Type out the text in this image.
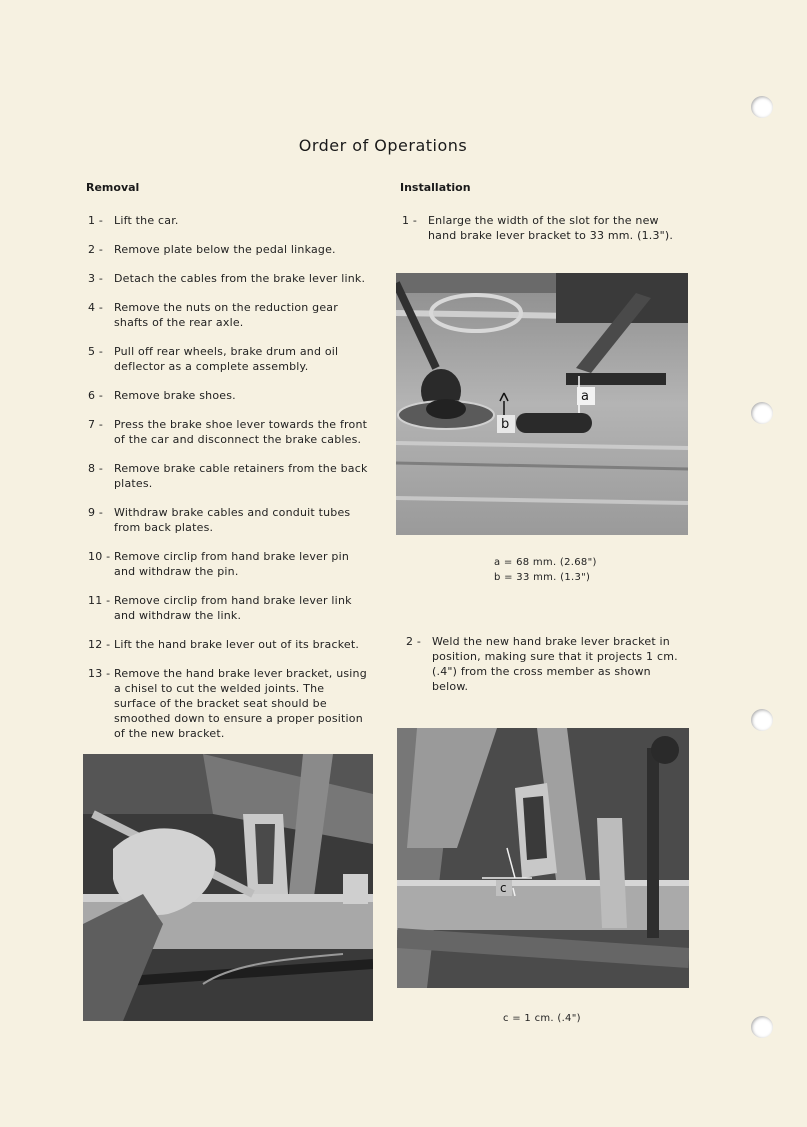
Order of Operations
Removal	Installation
1 - Lift the car.
2 - Remove plate below the pedal linkage.
3 - Detach the cables from the brake lever link.
4 - Remove the nuts on the reduction gear shafts of the rear axle.
5 - Pull off rear wheels, brake drum and oil deflector as a complete assembly.
6 - Remove brake shoes.
7 - Press the brake shoe lever towards the front of the car and disconnect the brake cables.
8 - Remove brake cable retainers from the back plates.
9 - Withdraw brake cables and conduit tubes from back plates.
10 - Remove circlip from hand brake lever pin and withdraw the pin.
11 - Remove circlip from hand brake lever link and withdraw the link.
12 - Lift the hand brake lever out of its bracket.
13 - Remove the hand brake lever bracket, using a chisel to cut the welded joints. The surface of the bracket seat should be smoothed down to ensure a proper position of the new bracket.
1 - Enlarge the width of the slot for the new hand brake lever bracket to 33 mm. (1.3").
a
b
a = 68 mm. (2.68")
b = 33 mm. (1.3")
2 - Weld the new hand brake lever bracket in position, making sure that it projects 1 cm. (.4") from the cross member as shown below.
c
c = 1 cm. (.4")
